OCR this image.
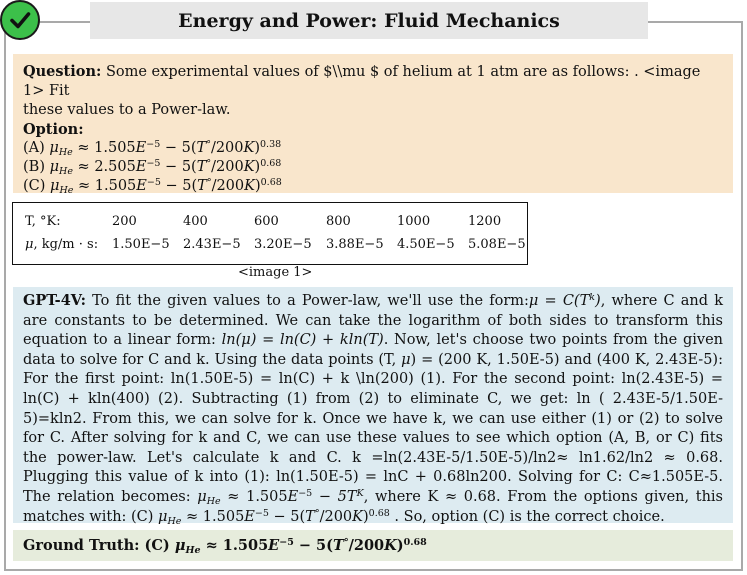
Energy and Power: Fluid Mechanics
Question: Some experimental values of $\\mu $ of helium at 1 atm are as follows: . <image 1> Fit
these values to a Power-law.
Option:
(A) $\mu_{He} \approx 1.505E^{-5} - 5(T^\circ/200K)^{0.38}$
(B) $\mu_{He} \approx 2.505E^{-5} - 5(T^\circ/200K)^{0.68}$
(C) $\mu_{He} \approx 1.505E^{-5} - 5(T^\circ/200K)^{0.68}$
T, °K:	200	400	600	800	1000	1200
μ, kg/m · s: 1.50E−5 2.43E−5 3.20E−5 3.88E−5 4.50E−5 5.08E−5
<image 1>
GPT-4V: To fit the given values to a Power-law, we'll use the form:μ = $C(T^k)$, where C and k are constants to be determined. We can take the logarithm of both sides to transform this equation to a linear form: ln(μ) = ln(C) + kln(T). Now, let's choose two points from the given data to solve for C and k. Using the data points (T, μ) = (200 K, 1.50E-5) and (400 K, 2.43E-5): For the first point: ln(1.50E-5) = ln(C) + k \ln(200) (1). For the second point: ln(2.43E-5) = ln(C) + kln(400) (2). Subtracting (1) from (2) to eliminate C, we get: ln ( 2.43E-5/1.50E-5)=kln2. From this, we can solve for k. Once we have k, we can use either (1) or (2) to solve for C. After solving for k and C, we can use these values to see which option (A, B, or C) fits the power-law. Let's calculate k and C. k =ln(2.43E-5/1.50E-5)/ln2≈ ln1.62/ln2 ≈ 0.68. Plugging this value of k into (1): ln(1.50E-5) = lnC + 0.68ln200. Solving for C: C≈1.505E-5. The relation becomes: $\mu_{He} \approx 1.505E^{-5} - 5T^K$, where K ≈ 0.68. From the options given, this matches with: (C) $\mu_{He} \approx 1.505E^{-5} - 5(T^\circ/200K)^{0.68}$ . So, option (C) is the correct choice.
Ground Truth: (C)
$\mu_{He} \approx 1.505E^{-5} - 5(T^\circ/200K)^{0.68}$
